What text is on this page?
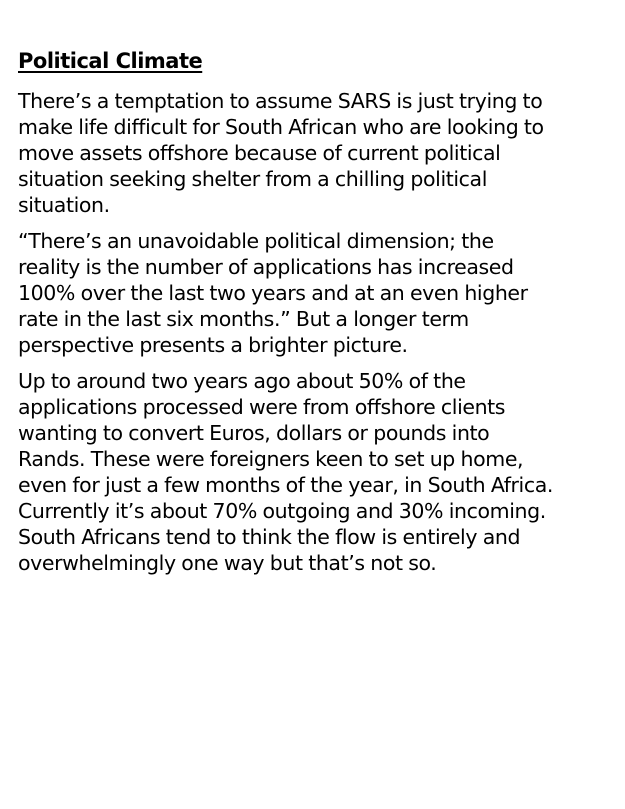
Political Climate

There’s a temptation to assume SARS is just trying to
make life difficult for South African who are looking to
move assets offshore because of current political
situation seeking shelter from a chilling political
situation.

“There’s an unavoidable political dimension; the
reality is the number of applications has increased
100% over the last two years and at an even higher
rate in the last six months.” But a longer term
perspective presents a brighter picture.

Up to around two years ago about 50% of the
applications processed were from offshore clients
wanting to convert Euros, dollars or pounds into
Rands. These were foreigners keen to set up home,
even for just a few months of the year, in South Africa.
Currently it’s about 70% outgoing and 30% incoming.
South Africans tend to think the flow is entirely and
overwhelmingly one way but that’s not so.
